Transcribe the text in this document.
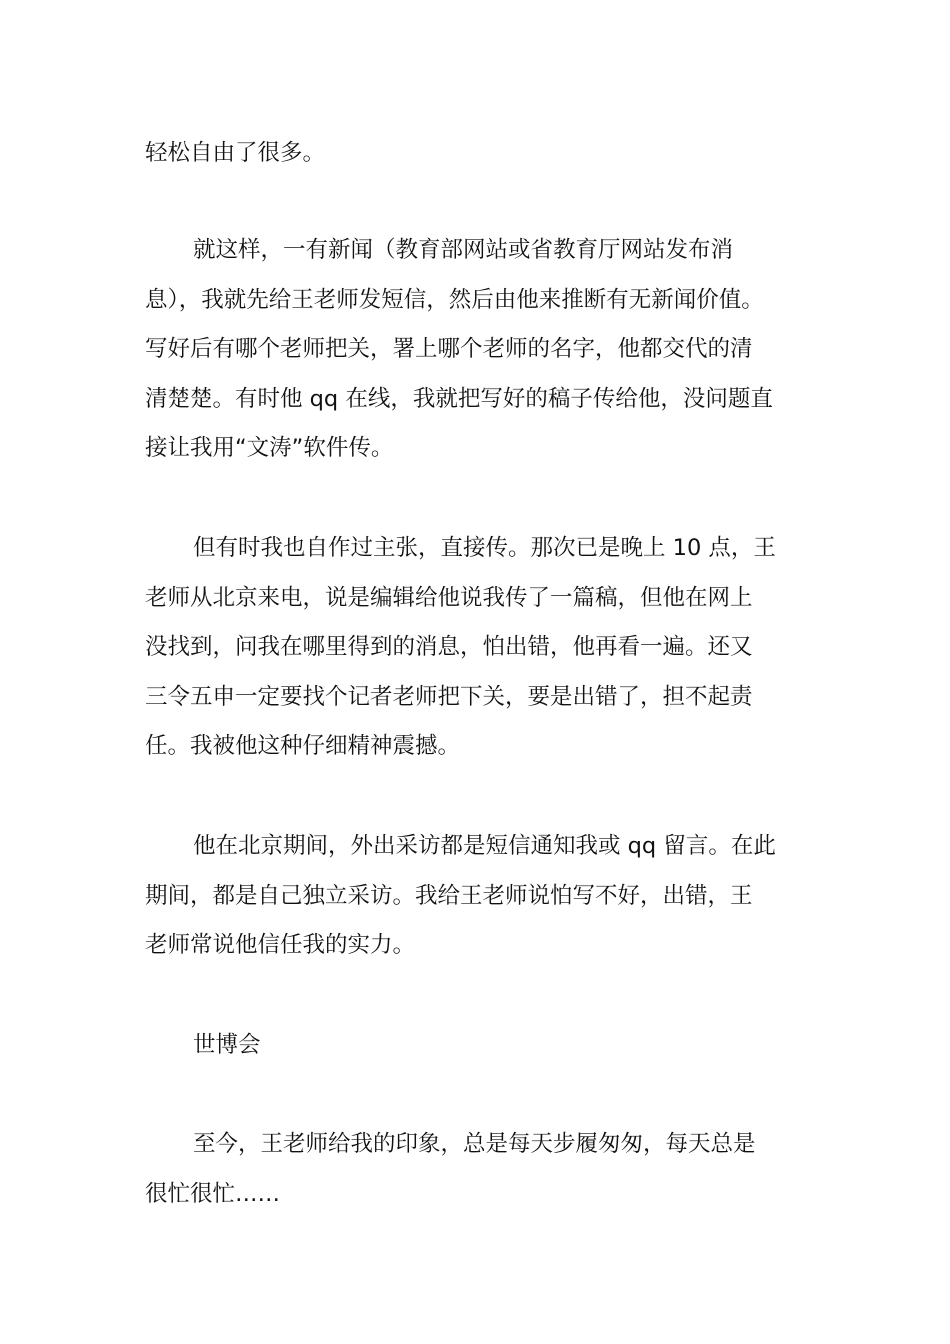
轻松自由了很多。
就这样，一有新闻（教育部网站或省教育厅网站发布消
息），我就先给王老师发短信，然后由他来推断有无新闻价值。
写好后有哪个老师把关，署上哪个老师的名字，他都交代的清
清楚楚。有时他 qq 在线，我就把写好的稿子传给他，没问题直
接让我用“文涛”软件传。
但有时我也自作过主张，直接传。那次已是晚上 10 点，王
老师从北京来电，说是编辑给他说我传了一篇稿，但他在网上
没找到，问我在哪里得到的消息，怕出错，他再看一遍。还又
三令五申一定要找个记者老师把下关，要是出错了，担不起责
任。我被他这种仔细精神震撼。
他在北京期间，外出采访都是短信通知我或 qq 留言。在此
期间，都是自己独立采访。我给王老师说怕写不好，出错，王
老师常说他信任我的实力。
世博会
至今，王老师给我的印象，总是每天步履匆匆，每天总是
很忙很忙……
